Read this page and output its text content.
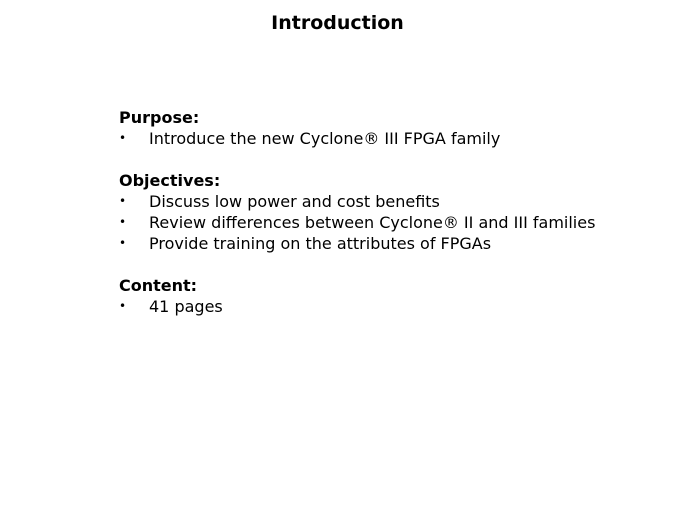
Introduction

Purpose:

•	Introduce the new Cyclone® III FPGA family

Objectives:

•	Discuss low power and cost benefits
•	Review differences between Cyclone® II and III families
•	Provide training on the attributes of FPGAs

Content:

•	41 pages
